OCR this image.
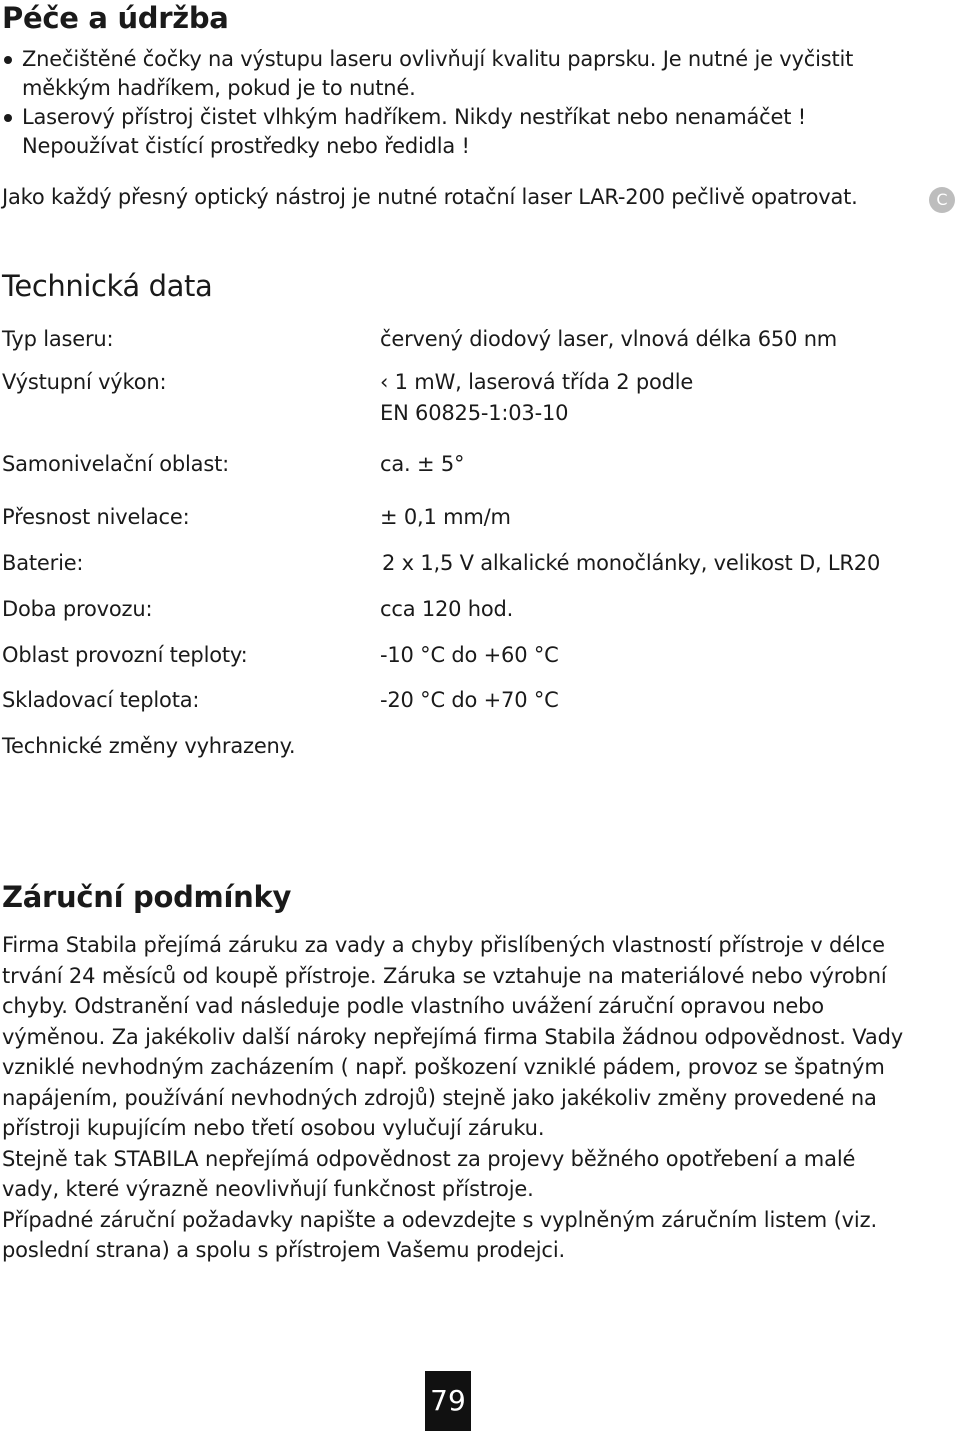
Péče a údržba
Znečištěné čočky na výstupu laseru ovlivňují kvalitu paprsku. Je nutné je vyčistit měkkým hadříkem, pokud je to nutné.
Laserový přístroj čistet vlhkým hadříkem. Nikdy nestříkat nebo nenamáčet ! Nepoužívat čistící prostředky nebo ředidla !
Jako každý přesný optický nástroj je nutné rotační laser LAR-200 pečlivě opatrovat.	C
Technická data
Typ laseru:	červený diodový laser, vlnová délka 650 nm
Výstupní výkon:	‹ 1 mW, laserová třída 2 podle
EN 60825-1:03-10
Samonivelační oblast:	ca. ± 5°
Přesnost nivelace:	± 0,1 mm/m
Baterie:	2 x 1,5 V alkalické monočlánky, velikost D, LR20
Doba provozu:	cca 120 hod.
Oblast provozní teploty:	-10 °C do +60 °C
Skladovací teplota:	-20 °C do +70 °C
Technické změny vyhrazeny.
Záruční podmínky

Firma Stabila přejímá záruku za vady a chyby přislíbených vlastností přístroje v délce trvání 24 měsíců od koupě přístroje. Záruka se vztahuje na materiálové nebo výrobní chyby. Odstranění vad následuje podle vlastního uvážení záruční opravou nebo výměnou. Za jakékoliv další nároky nepřejímá firma Stabila žádnou odpovědnost. Vady vzniklé nevhodným zacházením ( např. poškození vzniklé pádem, provoz se špatným napájením, používání nevhodných zdrojů) stejně jako jakékoliv změny provedené na přístroji kupujícím nebo třetí osobou vylučují záruku.

Stejně tak STABILA nepřejímá odpovědnost za projevy běžného opotřebení a malé vady, které výrazně neovlivňují funkčnost přístroje.

Případné záruční požadavky napište a odevzdejte s vyplněným záručním listem (viz. poslední strana) a spolu s přístrojem Vašemu prodejci.

79
